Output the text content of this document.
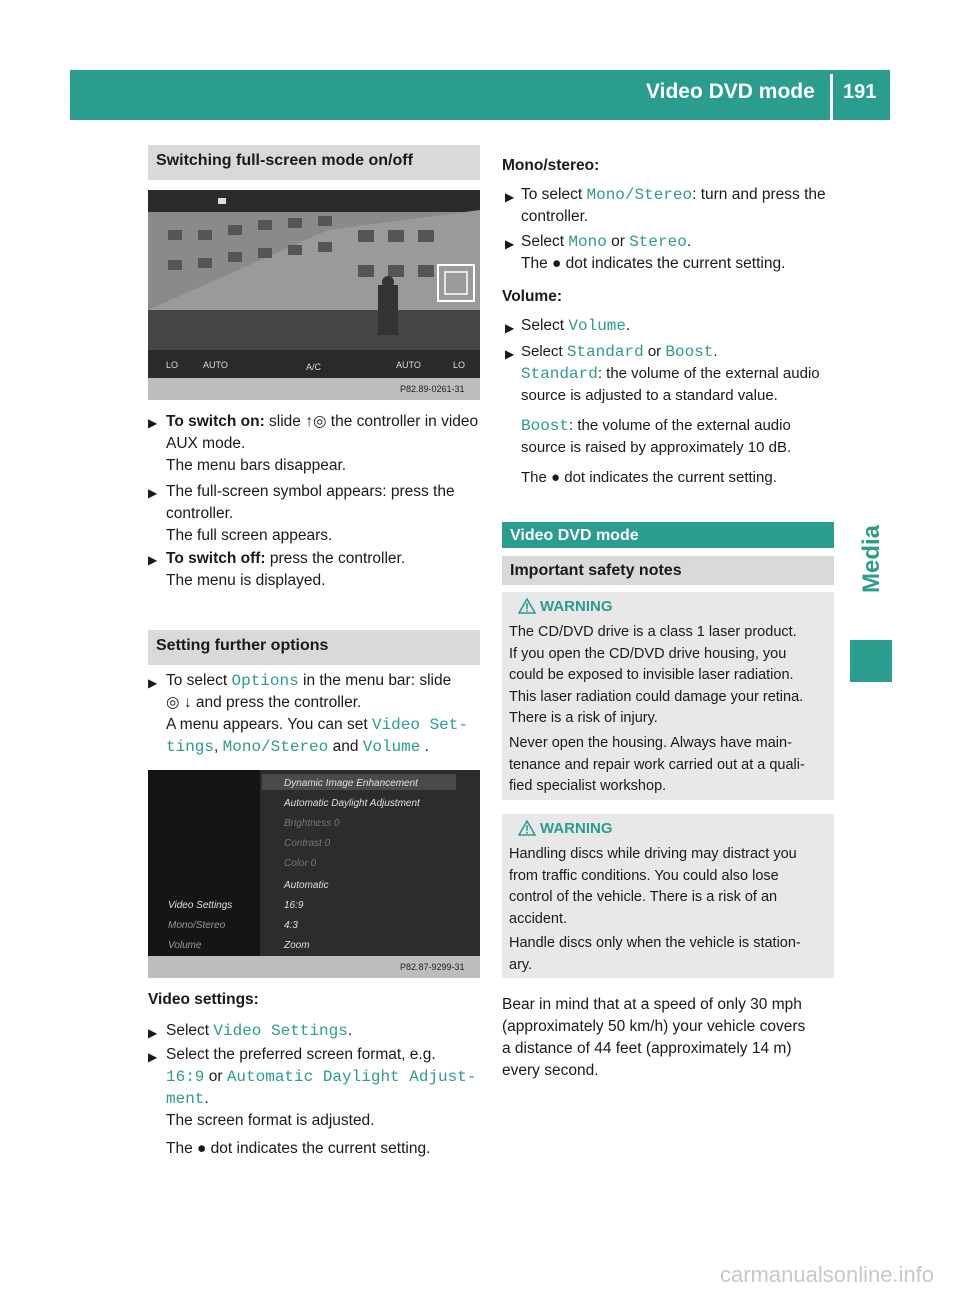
Video DVD mode 191
Media
Switching full-screen mode on/off
LO	AUTO	A/C	AUTO	LO
P82.89-0261-31
▶ To switch on: slide ↑◎ the controller in video AUX mode.
The menu bars disappear.
▶ The full-screen symbol appears: press the controller.
The full screen appears.
▶ To switch off: press the controller.
The menu is displayed.
Setting further options
▶ To select Options in the menu bar: slide
◎ ↓ and press the controller.
A menu appears. You can set Video Set‐
tings, Mono/Stereo and Volume .
Video Settings
Mono/Stereo
Volume
Dynamic Image Enhancement
Automatic Daylight Adjustment
Brightness 0
Contrast 0
Color 0
Automatic
16:9
4:3
Zoom
P82.87-9299-31
Video settings:
▶ Select Video Settings.
▶ Select the preferred screen format, e.g.
16:9 or Automatic Daylight Adjust‐
ment.
The screen format is adjusted.
The ● dot indicates the current setting.
Mono/stereo:
▶ To select Mono/Stereo: turn and press the
controller.
▶ Select Mono or Stereo.
The ● dot indicates the current setting.
Volume:
▶ Select Volume.
▶ Select Standard or Boost.
Standard: the volume of the external audio
source is adjusted to a standard value.
Boost: the volume of the external audio
source is raised by approximately 10 dB.
The ● dot indicates the current setting.
Video DVD mode
Important safety notes
WARNING
The CD/DVD drive is a class 1 laser product.
If you open the CD/DVD drive housing, you
could be exposed to invisible laser radiation.
This laser radiation could damage your retina.
There is a risk of injury.
Never open the housing. Always have main‐
tenance and repair work carried out at a quali‐
fied specialist workshop.
WARNING
Handling discs while driving may distract you
from traffic conditions. You could also lose
control of the vehicle. There is a risk of an
accident.
Handle discs only when the vehicle is station‐
ary.
Bear in mind that at a speed of only 30 mph
(approximately 50 km/h) your vehicle covers
a distance of 44 feet (approximately 14 m)
every second.
carmanualsonline.info
